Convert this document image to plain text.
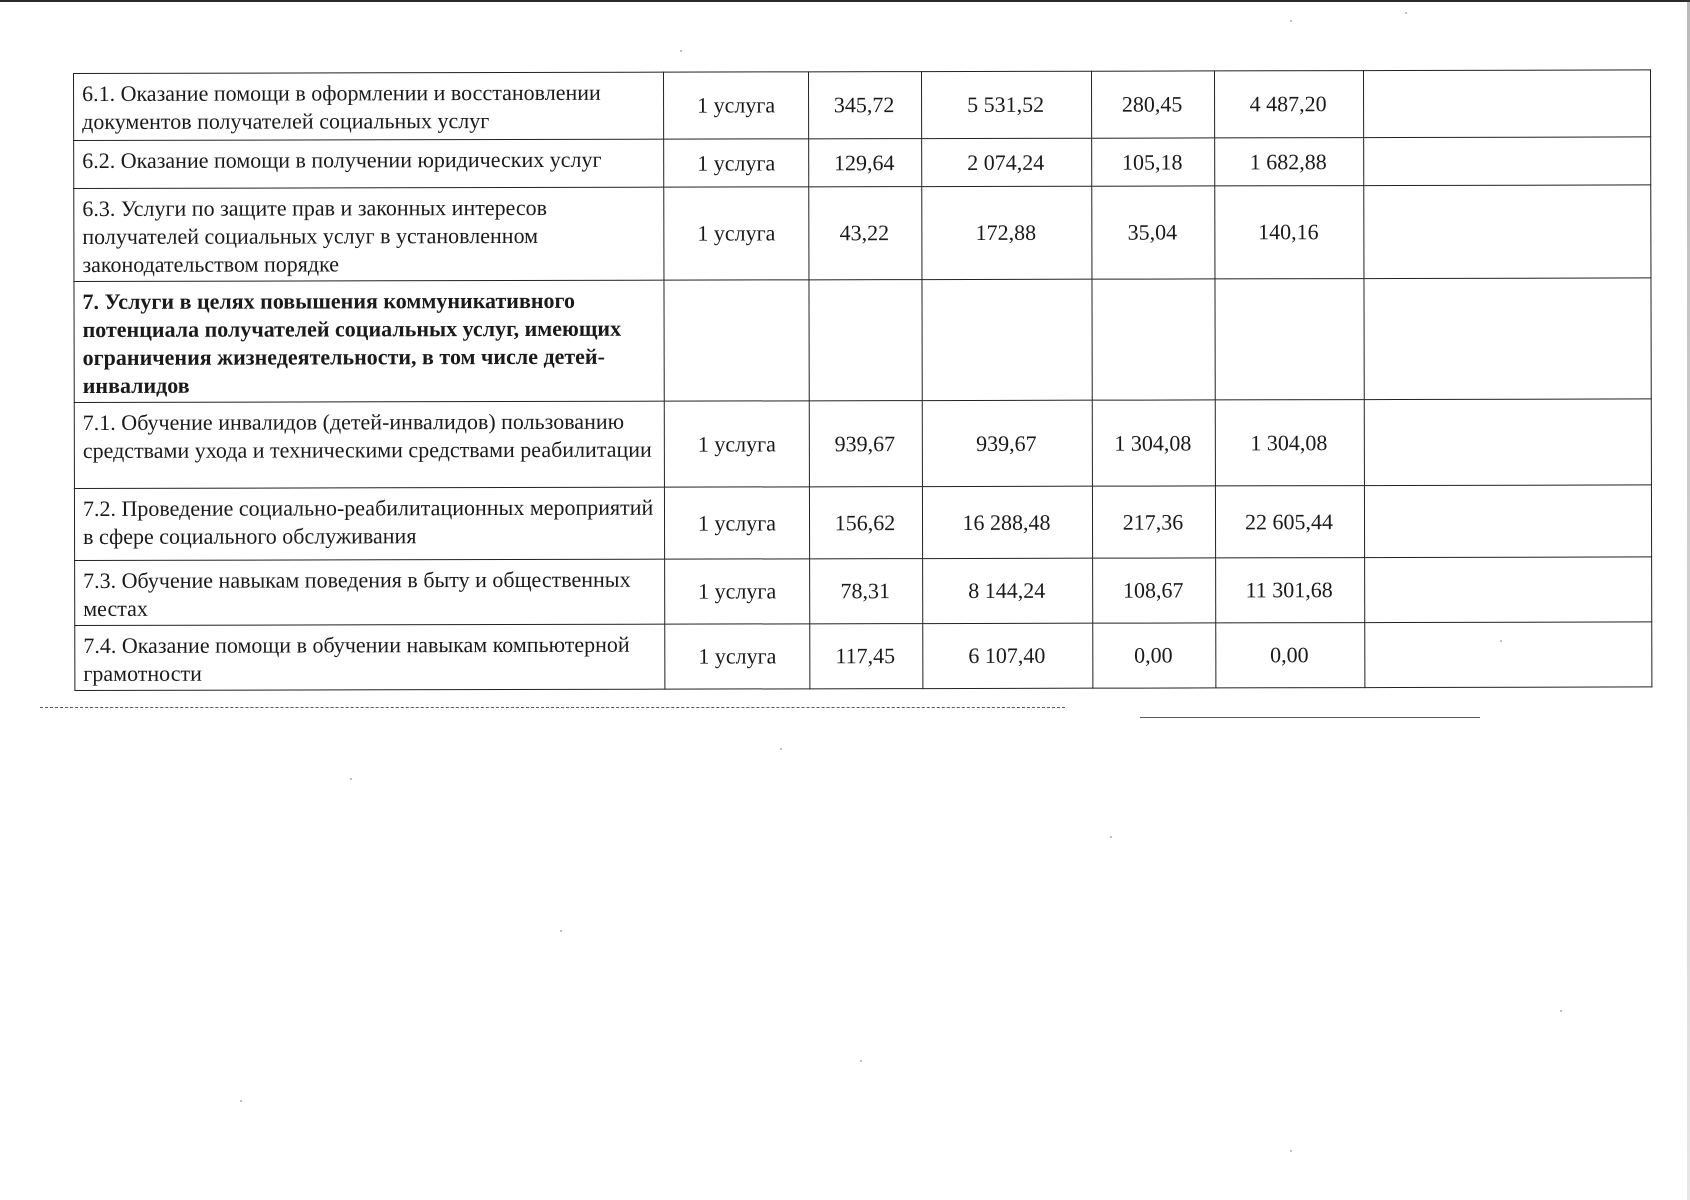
6.1. Оказание помощи в оформлении и восстановлении документов получателей социальных услуг	1 услуга	345,72	5 531,52	280,45	4 487,20	
6.2. Оказание помощи в получении юридических услуг	1 услуга	129,64	2 074,24	105,18	1 682,88	
6.3. Услуги по защите прав и законных интересов получателей социальных услуг в установленном законодательством порядке	1 услуга	43,22	172,88	35,04	140,16	
7. Услуги в целях повышения коммуникативного потенциала получателей социальных услуг, имеющих ограничения жизнедеятельности, в том числе детей-инвалидов						
7.1. Обучение инвалидов (детей-инвалидов) пользованию средствами ухода и техническими средствами реабилитации	1 услуга	939,67	939,67	1 304,08	1 304,08	
7.2. Проведение социально-реабилитационных мероприятий в сфере социального обслуживания	1 услуга	156,62	16 288,48	217,36	22 605,44	
7.3. Обучение навыкам поведения в быту и общественных местах	1 услуга	78,31	8 144,24	108,67	11 301,68	
7.4. Оказание помощи в обучении навыкам компьютерной грамотности	1 услуга	117,45	6 107,40	0,00	0,00	
